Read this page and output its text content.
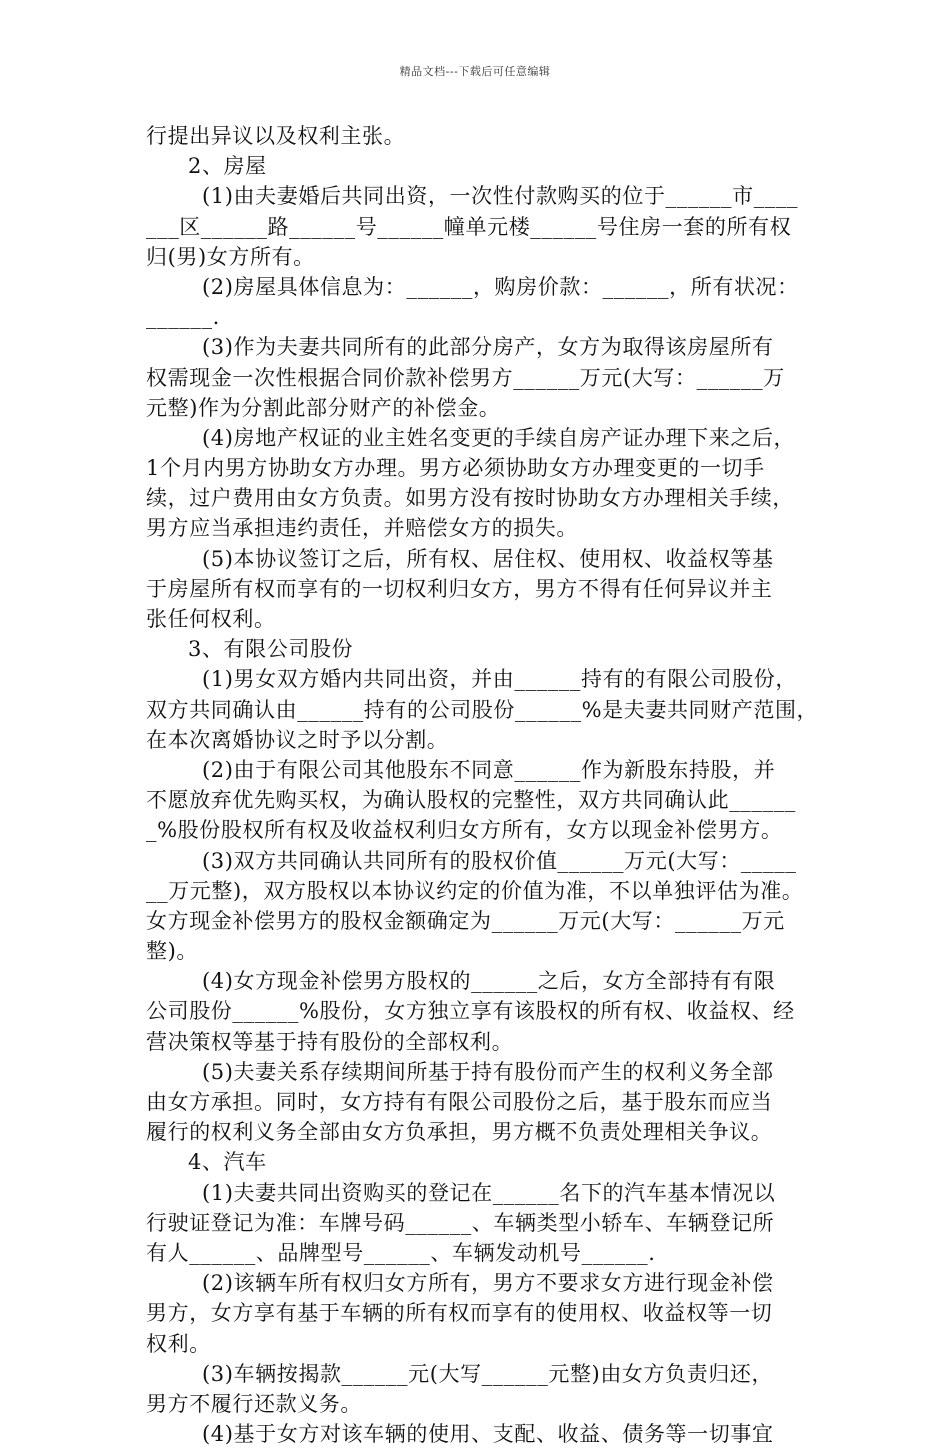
精品文档---下载后可任意编辑
行提出异议以及权利主张。
2、房屋
(1)由夫妻婚后共同出资，一次性付款购买的位于______市____
___区______路______号______幢单元楼______号住房一套的所有权
归(男)女方所有。
(2)房屋具体信息为：______，购房价款：______，所有状况：
______.
(3)作为夫妻共同所有的此部分房产，女方为取得该房屋所有
权需现金一次性根据合同价款补偿男方______万元(大写：______万
元整)作为分割此部分财产的补偿金。
(4)房地产权证的业主姓名变更的手续自房产证办理下来之后，
1个月内男方协助女方办理。男方必须协助女方办理变更的一切手
续，过户费用由女方负责。如男方没有按时协助女方办理相关手续，
男方应当承担违约责任，并赔偿女方的损失。
(5)本协议签订之后，所有权、居住权、使用权、收益权等基
于房屋所有权而享有的一切权利归女方，男方不得有任何异议并主
张任何权利。
3、有限公司股份
(1)男女双方婚内共同出资，并由______持有的有限公司股份，
双方共同确认由______持有的公司股份______%是夫妻共同财产范围，
在本次离婚协议之时予以分割。
(2)由于有限公司其他股东不同意______作为新股东持股，并
不愿放弃优先购买权，为确认股权的完整性，双方共同确认此______
_%股份股权所有权及收益权利归女方所有，女方以现金补偿男方。
(3)双方共同确认共同所有的股权价值______万元(大写：_____
__万元整)，双方股权以本协议约定的价值为准，不以单独评估为准。
女方现金补偿男方的股权金额确定为______万元(大写：______万元
整)。
(4)女方现金补偿男方股权的______之后，女方全部持有有限
公司股份______%股份，女方独立享有该股权的所有权、收益权、经
营决策权等基于持有股份的全部权利。
(5)夫妻关系存续期间所基于持有股份而产生的权利义务全部
由女方承担。同时，女方持有有限公司股份之后，基于股东而应当
履行的权利义务全部由女方负承担，男方概不负责处理相关争议。
4、汽车
(1)夫妻共同出资购买的登记在______名下的汽车基本情况以
行驶证登记为准：车牌号码______、车辆类型小轿车、车辆登记所
有人______、品牌型号______、车辆发动机号______.
(2)该辆车所有权归女方所有，男方不要求女方进行现金补偿
男方，女方享有基于车辆的所有权而享有的使用权、收益权等一切
权利。
(3)车辆按揭款______元(大写______元整)由女方负责归还，
男方不履行还款义务。
(4)基于女方对该车辆的使用、支配、收益、债务等一切事宜
